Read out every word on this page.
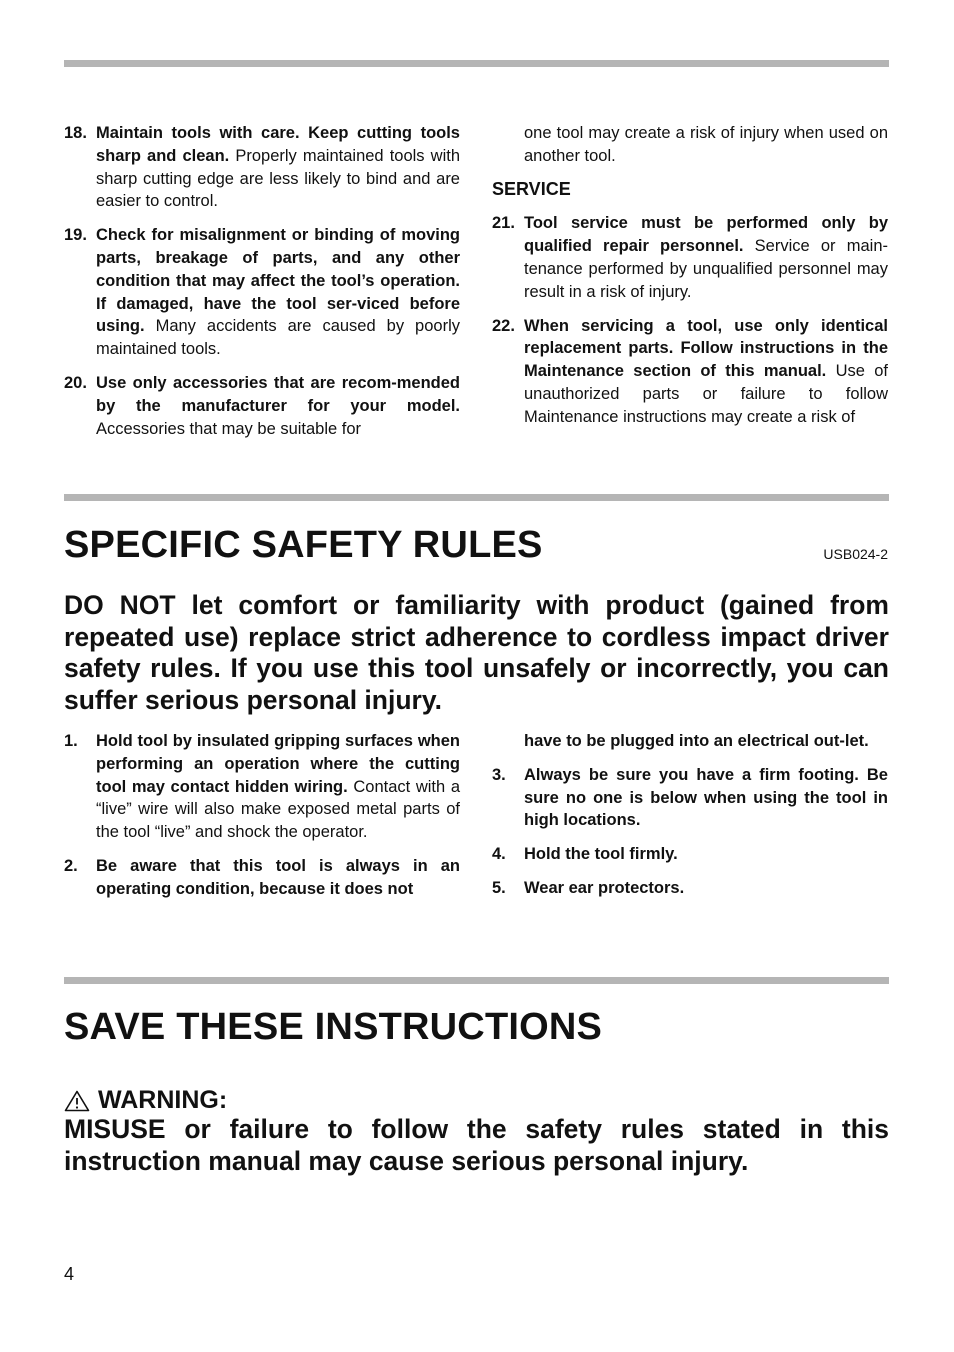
18. Maintain tools with care. Keep cutting tools sharp and clean. Properly maintained tools with sharp cutting edge are less likely to bind and are easier to control.
19. Check for misalignment or binding of moving parts, breakage of parts, and any other condition that may affect the tool’s operation. If damaged, have the tool ser-viced before using. Many accidents are caused by poorly maintained tools.
20. Use only accessories that are recom-mended by the manufacturer for your model. Accessories that may be suitable for
one tool may create a risk of injury when used on another tool.
SERVICE
21. Tool service must be performed only by qualified repair personnel. Service or main-tenance performed by unqualified personnel may result in a risk of injury.
22. When servicing a tool, use only identical replacement parts. Follow instructions in the Maintenance section of this manual. Use of unauthorized parts or failure to follow Maintenance instructions may create a risk of
SPECIFIC SAFETY RULES	USB024-2

DO NOT let comfort or familiarity with product (gained from repeated use) replace strict adherence to cordless impact driver safety rules. If you use this tool unsafely or incorrectly, you can suffer serious personal injury.

1.	Hold tool by insulated gripping surfaces when performing an operation where the cutting tool may contact hidden wiring. Contact with a “live” wire will also make exposed metal parts of the tool “live” and shock the operator.
2.	Be aware that this tool is always in an operating condition, because it does not
have to be plugged into an electrical out-let.
3.	Always be sure you have a firm footing. Be sure no one is below when using the tool in high locations.
4.	Hold the tool firmly.
5.	Wear ear protectors.
SAVE THESE INSTRUCTIONS
WARNING:

MISUSE or failure to follow the safety rules stated in this instruction manual may cause serious personal injury.

4
